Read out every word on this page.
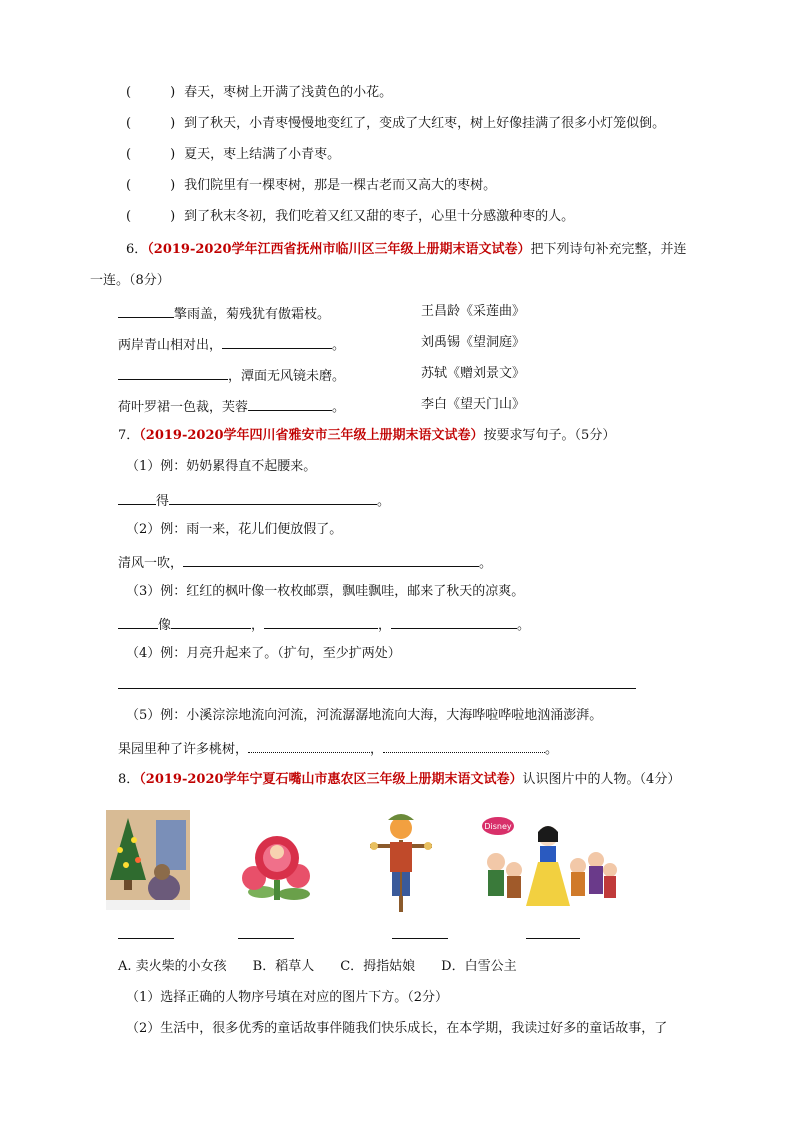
(　　　) 春天，枣树上开满了浅黄色的小花。
(　　　) 到了秋天，小青枣慢慢地变红了，变成了大红枣，树上好像挂满了很多小灯笼似倒。
(　　　) 夏天，枣上结满了小青枣。
(　　　) 我们院里有一棵枣树，那是一棵古老而又高大的枣树。
(　　　) 到了秋末冬初，我们吃着又红又甜的枣子，心里十分感激种枣的人。
6．（2019-2020学年江西省抚州市临川区三年级上册期末语文试卷）把下列诗句补充完整，并连
一连。（8分）
擎雨盖，菊残犹有傲霜枝。	王昌龄《采莲曲》
两岸青山相对出，	。	刘禹锡《望洞庭》
，潭面无风镜未磨。	苏轼《赠刘景文》
荷叶罗裙一色裁，芙蓉	。	李白《望天门山》
7．（2019-2020学年四川省雅安市三年级上册期末语文试卷）按要求写句子。（5分）
（1）例：奶奶累得直不起腰来。
得	。
（2）例：雨一来，花儿们便放假了。
清风一吹，	。
（3）例：红红的枫叶像一枚枚邮票，飘哇飘哇，邮来了秋天的凉爽。
像	，	，	。
（4）例：月亮升起来了。（扩句，至少扩两处）
（5）例：小溪淙淙地流向河流，河流潺潺地流向大海，大海哗啦哗啦地汹涌澎湃。
果园里种了许多桃树，	，	。
8．（2019-2020学年宁夏石嘴山市惠农区三年级上册期末语文试卷）认识图片中的人物。（4分）
Disney
A. 卖火柴的小女孩　　B．稻草人　　C．拇指姑娘　　D．白雪公主
（1）选择正确的人物序号填在对应的图片下方。（2分）
（2）生活中，很多优秀的童话故事伴随我们快乐成长，在本学期，我读过好多的童话故事，了
